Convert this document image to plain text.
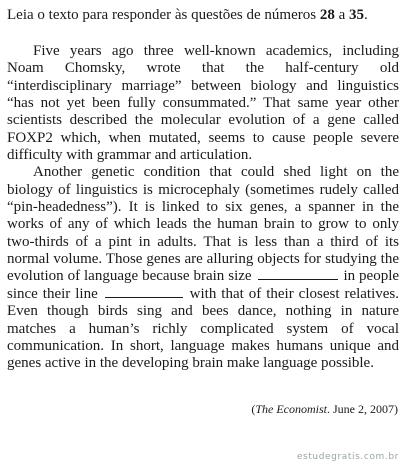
Leia o texto para responder às questões de números 28 a 35.

Five years ago three well-known academics, including Noam Chomsky, wrote that the half-century old “interdisciplinary marriage” between biology and linguistics “has not yet been fully consummated.” That same year other scientists described the molecular evolution of a gene called FOXP2 which, when mutated, seems to cause people severe difficulty with grammar and articulation.

Another genetic condition that could shed light on the biology of linguistics is microcephaly (sometimes rudely called “pin-headedness”). It is linked to six genes, a spanner in the works of any of which leads the human brain to grow to only two-thirds of a pint in adults. That is less than a third of its normal volume. Those genes are alluring objects for studying the evolution of language because brain size	in people since their line	with that of their closest relatives. Even though birds sing and bees dance, nothing in nature matches a human’s richly complicated system of vocal communication. In short, language makes humans unique and genes active in the developing brain make language possible.

(The Economist. June 2, 2007)
estudegratis.com.br
